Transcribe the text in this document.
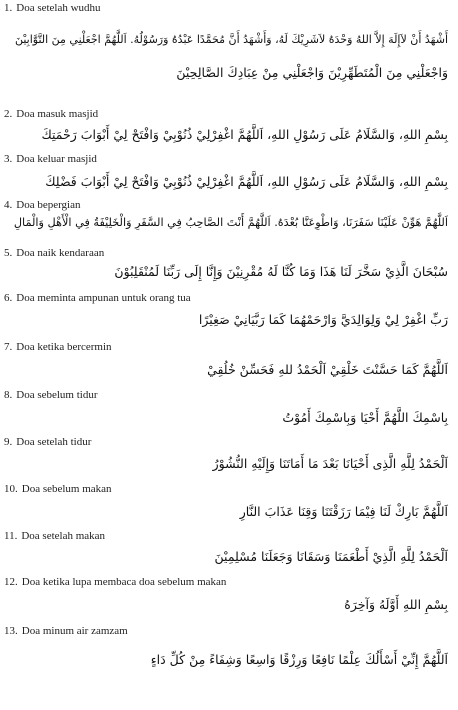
1. Doa setelah wudhu
أَشْهَدُ أَنْ لاَإِلَهَ إِلاَّ اللهُ وَحْدَهُ لاَشَرِيْكَ لَهُ، وَأَشْهَدُ أَنَّ مُحَمَّدًا عَبْدُهُ وَرَسُوْلُهُ. اَللَّهُمَّ اجْعَلْنِي مِنَ التَّوَّابِيْنَ
وَاجْعَلْنِي مِنَ الْمُتَطَهِّرِيْنَ وَاجْعَلْنِي مِنْ عِبَادِكَ الصَّالِحِيْنَ
2. Doa masuk masjid
بِسْمِ اللهِ، وَالسَّلَامُ عَلَى رَسُوْلِ اللهِ، اَللَّهُمَّ اغْفِرْلِيْ ذُنُوْبِيْ وَافْتَحْ لِيْ أَبْوَابَ رَحْمَتِكَ
3. Doa keluar masjid
بِسْمِ اللهِ، وَالسَّلَامُ عَلَى رَسُوْلِ اللهِ، اَللَّهُمَّ اغْفِرْلِيْ ذُنُوْبِيْ وَافْتَحْ لِيْ أَبْوَابَ فَضْلِكَ
4. Doa bepergian
اَللَّهُمَّ هَوِّنْ عَلَيْنَا سَفَرَنَا، وَاطْوِعَنَّا بُعْدَهُ. اَللَّهُمَّ أَنْتَ الصَّاحِبُ فِي السَّفَرِ وَالْخَلِيْفَةُ فِي الْأَهْلِ وَالْمَالِ
5. Doa naik kendaraan
سُبْحَانَ الَّذِيْ سَخَّرَ لَنَا هَذَا وَمَا كُنَّا لَهُ مُقْرِنِيْنَ وَإِنَّا إِلَى رَبِّنَا لَمُنْقَلِبُوْنَ
6. Doa meminta ampunan untuk orang tua
رَبِّ اغْفِرْ لِيْ وَلِوَالِدَيَّ وَارْحَمْهُمَا كَمَا رَبَّيَانِيْ صَغِيْرًا
7. Doa ketika bercermin
اَللَّهُمَّ كَمَا حَسَّنْتَ خَلْقِيْ اَلْحَمْدُ للهِ فَحَسِّنْ خُلُقِيْ
8. Doa sebelum tidur
بِاسْمِكَ اللَّهُمَّ أَحْيَا وَبِاسْمِكَ أَمُوْتُ
9. Doa setelah tidur
اَلْحَمْدُ لِلَّهِ الَّذِى أَحْيَانَا بَعْدَ مَا أَمَاتَنَا وَإِلَيْهِ النُّشُوْرُ
10. Doa sebelum makan
اَللَّهُمَّ بَارِكْ لَنَا فِيْمَا رَزَقْتَنَا وَقِنَا عَذَابَ النَّارِ
11. Doa setelah makan
اَلْحَمْدُ لِلَّهِ الَّذِيْ أَطْعَمَنَا وَسَقَانَا وَجَعَلَنَا مُسْلِمِيْنَ
12. Doa ketika lupa membaca doa sebelum makan
بِسْمِ اللهِ أَوَّلَهُ وَآخِرَهُ
13. Doa minum air zamzam
اَللَّهُمَّ إِنِّيْ أَسْأَلُكَ عِلْمًا نَافِعًا وَرِزْقًا وَاسِعًا وَشِفَاءً مِنْ كُلِّ دَاءٍ
